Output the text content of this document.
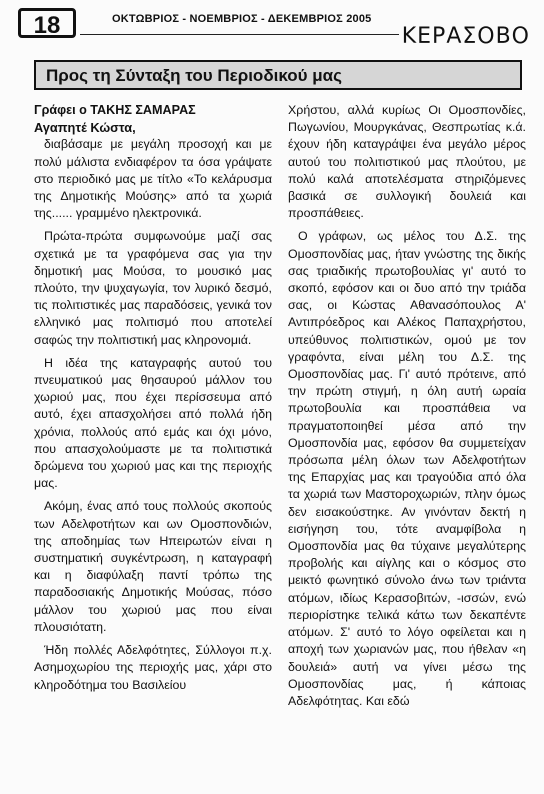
18	ΟΚΤΩΒΡΙΟΣ - ΝΟΕΜΒΡΙΟΣ - ΔΕΚΕΜΒΡΙΟΣ 2005
ΚΕΡΑΣΟΒΟ
Προς τη Σύνταξη του Περιοδικού μας

Γράφει ο ΤΑΚΗΣ ΣΑΜΑΡΑΣ

Αγαπητέ Κώστα,

διαβάσαμε με μεγάλη προσοχή και με πολύ μάλιστα ενδιαφέρον τα όσα γράψατε στο περιοδικό μας με τίτλο «Το κελάρυσμα της Δημοτικής Μούσης» από τα χωριά της...... γραμμένο ηλεκτρονικά.

Πρώτα-πρώτα συμφωνούμε μαζί σας σχετικά με τα γραφόμενα σας για την δημοτική μας Μούσα, το μουσικό μας πλούτο, την ψυχαγωγία, τον λυρικό δεσμό, τις πολιτιστικές μας παραδόσεις, γενικά τον ελληνικό μας πολιτισμό που αποτελεί σαφώς την πολιτιστική μας κληρονομιά.

Η ιδέα της καταγραφής αυτού του πνευματικού μας θησαυρού μάλλον του χωριού μας, που έχει περίσσευμα από αυτό, έχει απασχολήσει από πολλά ήδη χρόνια, πολλούς από εμάς και όχι μόνο, που απασχολούμαστε με τα πολιτιστικά δρώμενα του χωριού μας και της περιοχής μας.

Ακόμη, ένας από τους πολλούς σκοπούς των Αδελφοτήτων και ων Ομοσπονδιών, της αποδημίας των Ηπειρωτών είναι η συστηματική συγκέντρωση, η καταγραφή και η διαφύλαξη παντί τρόπω της παραδοσιακής Δημοτικής Μούσας, πόσο μάλλον του χωριού μας που είναι πλουσιότατη.

Ήδη πολλές Αδελφότητες, Σύλλογοι π.χ. Ασημοχωρίου της περιοχής μας, χάρι στο κληροδότημα του Βασιλείου

Χρήστου, αλλά κυρίως Οι Ομοσπονδίες, Πωγωνίου, Μουργκάνας, Θεσπρωτίας κ.ά. έχουν ήδη καταγράψει ένα μεγάλο μέρος αυτού του πολιτιστικού μας πλούτου, με πολύ καλά αποτελέσματα στηριζόμενες βασικά σε συλλογική δουλειά και προσπάθειες.

Ο γράφων, ως μέλος του Δ.Σ. της Ομοσπονδίας μας, ήταν γνώστης της δικής σας τριαδικής πρωτοβουλίας γι' αυτό το σκοπό, εφόσον και οι δυο από την τριάδα σας, οι Κώστας Αθανασόπουλος Α' Αντιπρόεδρος και Αλέκος Παπαχρήστου, υπεύθυνος πολιτιστικών, ομού με τον γραφόντα, είναι μέλη του Δ.Σ. της Ομοσπονδίας μας. Γι' αυτό πρότεινε, από την πρώτη στιγμή, η όλη αυτή ωραία πρωτοβουλία και προσπάθεια να πραγματοποιηθεί μέσα από την Ομοσπονδία μας, εφόσον θα συμμετείχαν πρόσωπα μέλη όλων των Αδελφοτήτων της Επαρχίας μας και τραγούδια από όλα τα χωριά των Μαστοροχωριών, πλην όμως δεν εισακούστηκε. Αν γινόνταν δεκτή η εισήγηση του, τότε αναμφίβολα η Ομοσπονδία μας θα τύχαινε μεγαλύτερης προβολής και αίγλης και ο κόσμος στο μεικτό φωνητικό σύνολο άνω των τριάντα ατόμων, ιδίως Κερασοβιτών, -ισσών, ενώ περιορίστηκε τελικά κάτω των δεκαπέντε ατόμων. Σ' αυτό το λόγο οφείλεται και η αποχή των χωριανών μας, που ήθελαν «η δουλειά» αυτή να γίνει μέσω της Ομοσπονδίας μας, ή κάποιας Αδελφότητας. Και εδώ
